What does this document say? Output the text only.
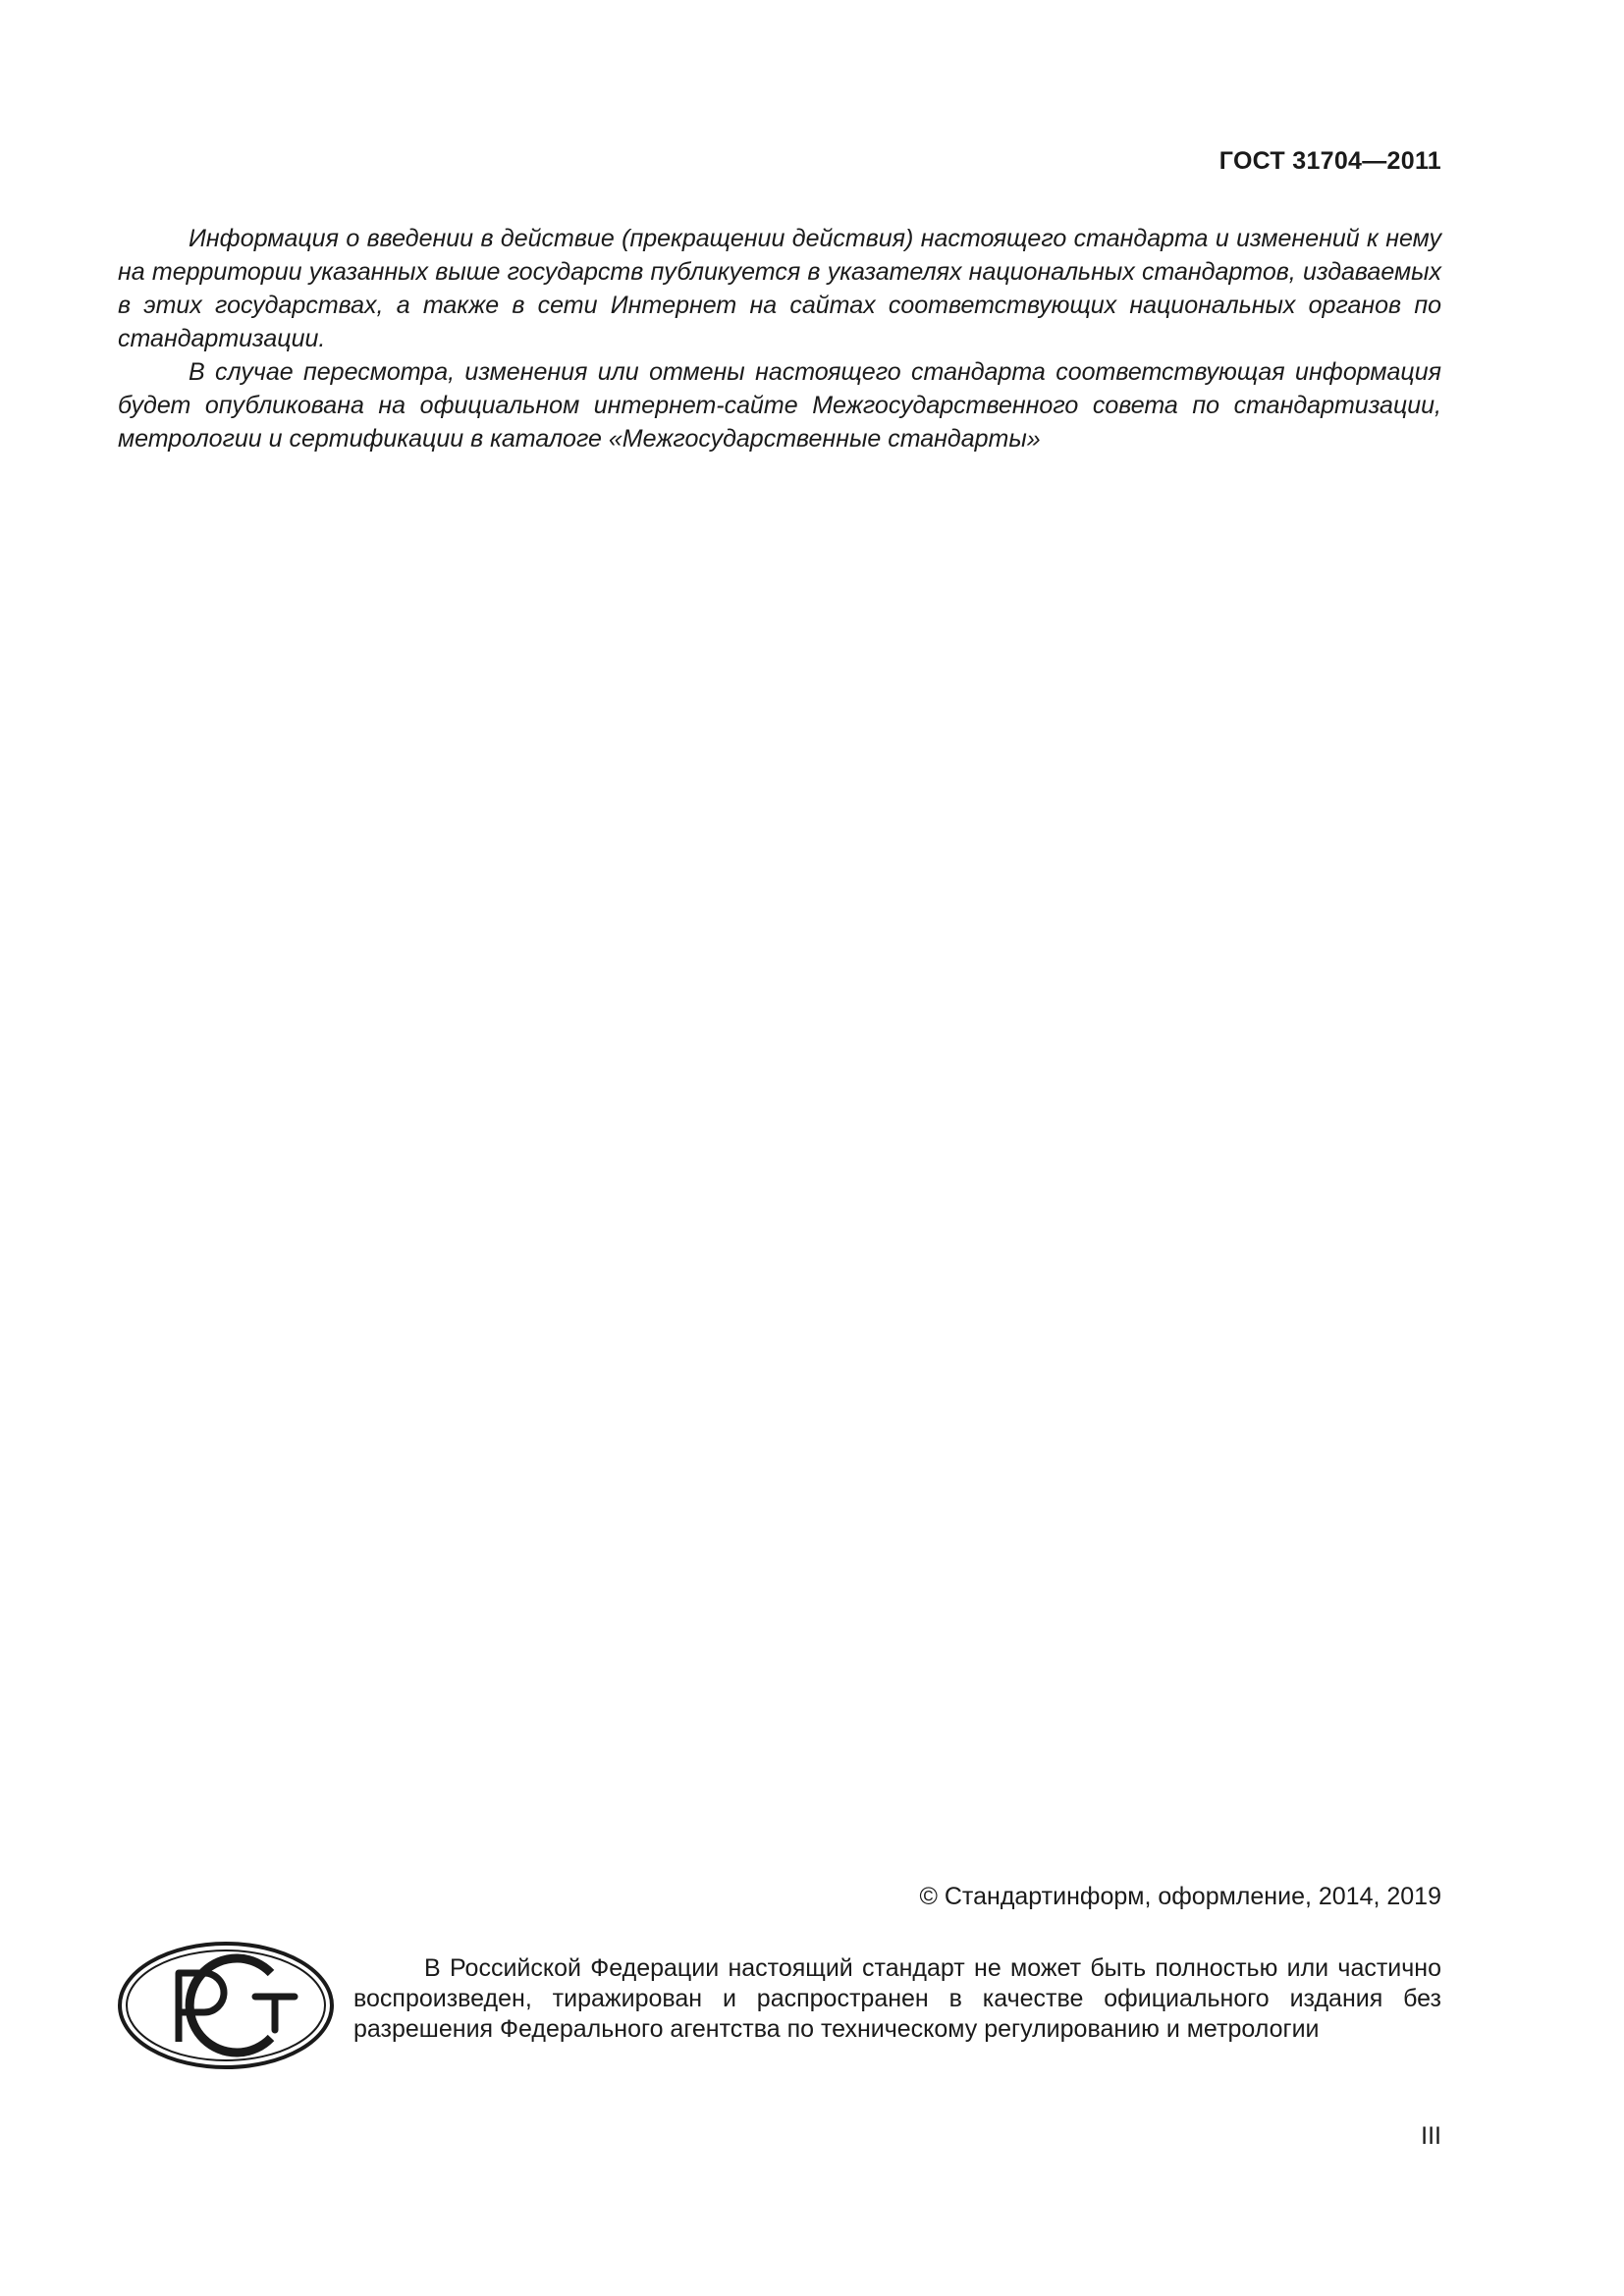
ГОСТ 31704—2011

Информация о введении в действие (прекращении действия) настоящего стандарта и изменений к нему на территории указанных выше государств публикуется в указателях национальных стандартов, издаваемых в этих государствах, а также в сети Интернет на сайтах соответствующих национальных органов по стандартизации.

В случае пересмотра, изменения или отмены настоящего стандарта соответствующая информация будет опубликована на официальном интернет-сайте Межгосударственного совета по стандартизации, метрологии и сертификации в каталоге «Межгосударственные стандарты»

© Стандартинформ, оформление, 2014, 2019

В Российской Федерации настоящий стандарт не может быть полностью или частично воспроизведен, тиражирован и распространен в качестве официального издания без разрешения Федерального агентства по техническому регулированию и метрологии

III
